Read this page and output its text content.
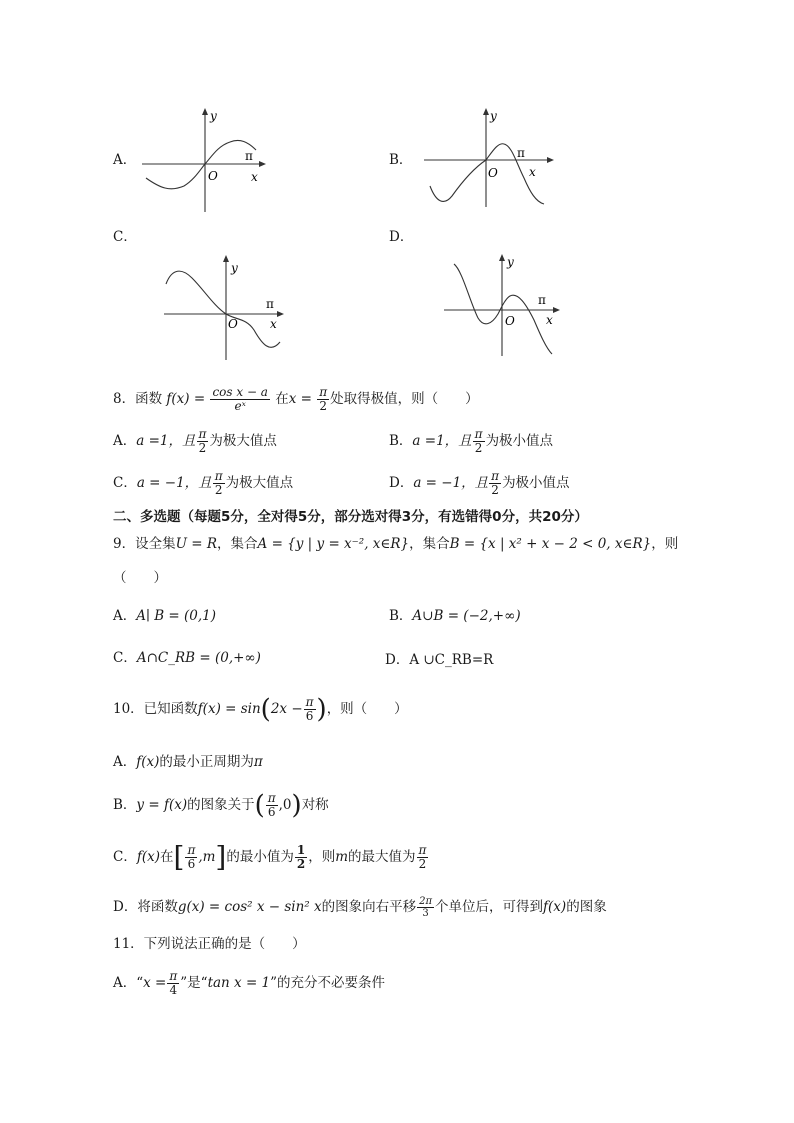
A．
y
O
π
x
B．
y
O
π
x
C．
y
O
π
x
D．
y
O
π
x
8．函数 $f(x) = \frac{\text{cos x − a}}{\text{eˣ}}$ 在$x = \frac{\pi}{2}$ 处取得极值，则（　　）
A．a =1，且 $\frac{\pi}{2}$ 为极大值点	B．a =1，且 $\frac{\pi}{2}$ 为极小值点
C．a = −1，且 $\frac{\pi}{2}$ 为极大值点	D．a = −1，且 $\frac{\pi}{2}$ 为极小值点
二、多选题（每题5分，全对得5分，部分选对得3分，有选错得0分，共20分）
9．设全集U = R，集合A = {y | y = x⁻², x∈R}，集合B = {x | x² + x − 2 < 0, x∈R}，则
（　　）
A．A∣ B = (0,1)	B．A∪B = (−2,+∞)
C．A∩C_RB = (0,+∞)	D．A ∪C_RB=R
10．已知函数$f(x) = \sin(2x - \frac{\pi}{6}$ )，则（　　）
A．f(x)的最小正周期为π
B．y = f(x)的图象关于( $\frac{\pi}{6} ,0$)对称
C．f(x)在[ $\frac{\pi}{6} ,m$]的最小值为 $\frac{1}{2}$ ，则m的最大值为 $\frac{\pi}{2}$
D．将函数g(x) = cos² x − sin² x的图象向右平移 $\frac{2\pi}{3}$ 个单位后，可得到f(x)的图象
11．下列说法正确的是（　　）
A．“$x = \frac{\pi}{4}$ ”是“tan x = 1”的充分不必要条件
